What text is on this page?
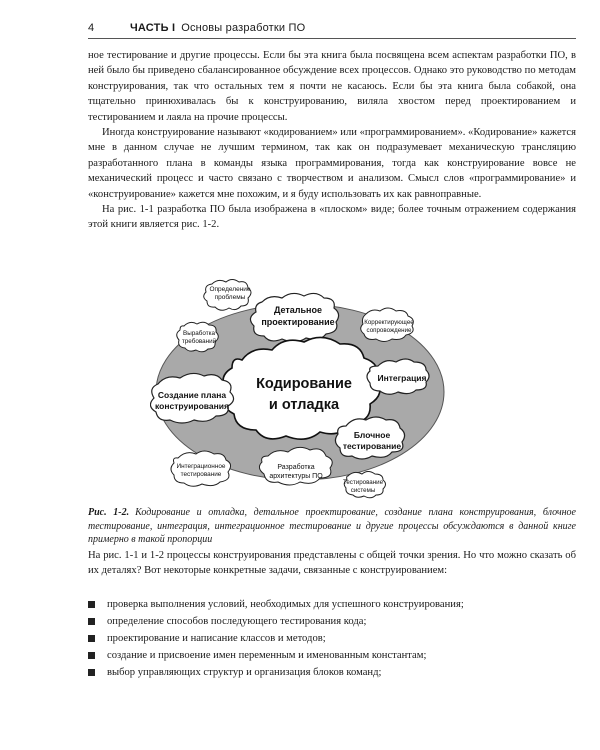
4	ЧАСТЬ I Основы разработки ПО

ное тестирование и другие процессы. Если бы эта книга была посвящена всем аспектам разработки ПО, в ней было бы приведено сбалансированное обсуждение всех процессов. Однако это руководство по методам конструирования, так что остальных тем я почти не касаюсь. Если бы эта книга была собакой, она тщательно принюхивалась бы к конструированию, виляла хвостом перед проектированием и тестированием и лаяла на прочие процессы.

Иногда конструирование называют «кодированием» или «программированием». «Кодирование» кажется мне в данном случае не лучшим термином, так как он подразумевает механическую трансляцию разработанного плана в команды языка программирования, тогда как конструирование вовсе не механический процесс и часто связано с творчеством и анализом. Смысл слов «программирование» и «конструирование» кажется мне похожим, и я буду использовать их как равноправные.

На рис. 1-1 разработка ПО была изображена в «плоском» виде; более точным отражением содержания этой книги является рис. 1-2.

Определение
проблемы
Детальное
проектирование	Корректирующее
сопровождение
Выработка
требований
Кодирование
и отладка
Интеграция
Создание плана
конструирования
Блочное
тестирование
Интеграционное
тестирование
Разработка
архитектуры ПО
Тестирование
системы
Рис. 1-2. Кодирование и отладка, детальное проектирование, создание плана конструирования, блочное тестирование, интеграция, интеграционное тестирование и другие процессы обсуждаются в данной книге примерно в такой пропорции

На рис. 1-1 и 1-2 процессы конструирования представлены с общей точки зрения. Но что можно сказать об их деталях? Вот некоторые конкретные задачи, связанные с конструированием:

проверка выполнения условий, необходимых для успешного конструирования;
определение способов последующего тестирования кода;
проектирование и написание классов и методов;
создание и присвоение имен переменным и именованным константам;
выбор управляющих структур и организация блоков команд;
